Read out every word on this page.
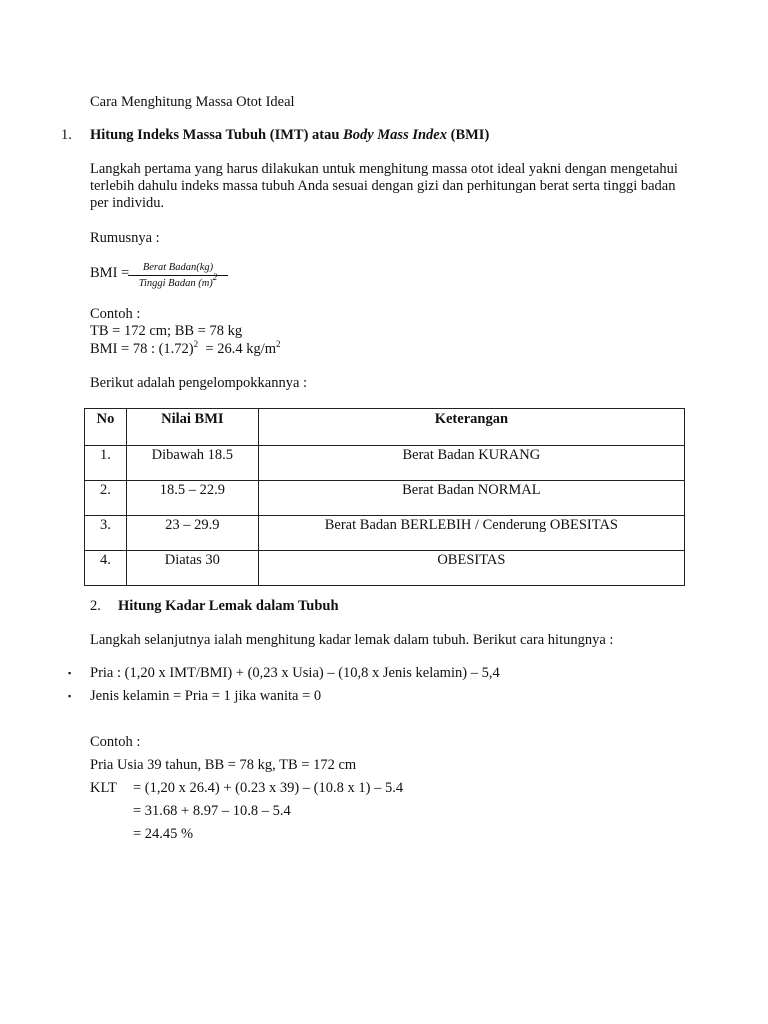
Cara Menghitung Massa Otot Ideal
1. Hitung Indeks Massa Tubuh (IMT) atau Body Mass Index (BMI)
Langkah pertama yang harus dilakukan untuk menghitung massa otot ideal yakni dengan mengetahui terlebih dahulu indeks massa tubuh Anda sesuai dengan gizi dan perhitungan berat serta tinggi badan per individu.
Rumusnya :
BMI =	Berat Badan(kg)
Tinggi Badan $(m)^2$
Contoh :
TB = 172 cm; BB = 78 kg
BMI = 78 : $(1.72)^2 = 26.4$ $kg/m^2$
Berikut adalah pengelompokkannya :
No	Nilai BMI	Keterangan
1.	Dibawah 18.5	Berat Badan KURANG
2.	18.5 – 22.9	Berat Badan NORMAL
3.	23 – 29.9	Berat Badan BERLEBIH / Cenderung OBESITAS
4.	Diatas 30	OBESITAS
2. Hitung Kadar Lemak dalam Tubuh
Langkah selanjutnya ialah menghitung kadar lemak dalam tubuh. Berikut cara hitungnya :
▪ Pria : (1,20 x IMT/BMI) + (0,23 x Usia) – (10,8 x Jenis kelamin) – 5,4
▪ Jenis kelamin = Pria = 1 jika wanita = 0
Contoh :
Pria Usia 39 tahun, BB = 78 kg, TB = 172 cm
KLT = (1,20 x 26.4) + (0.23 x 39) – (10.8 x 1) – 5.4
= 31.68 + 8.97 – 10.8 – 5.4
= 24.45 %
